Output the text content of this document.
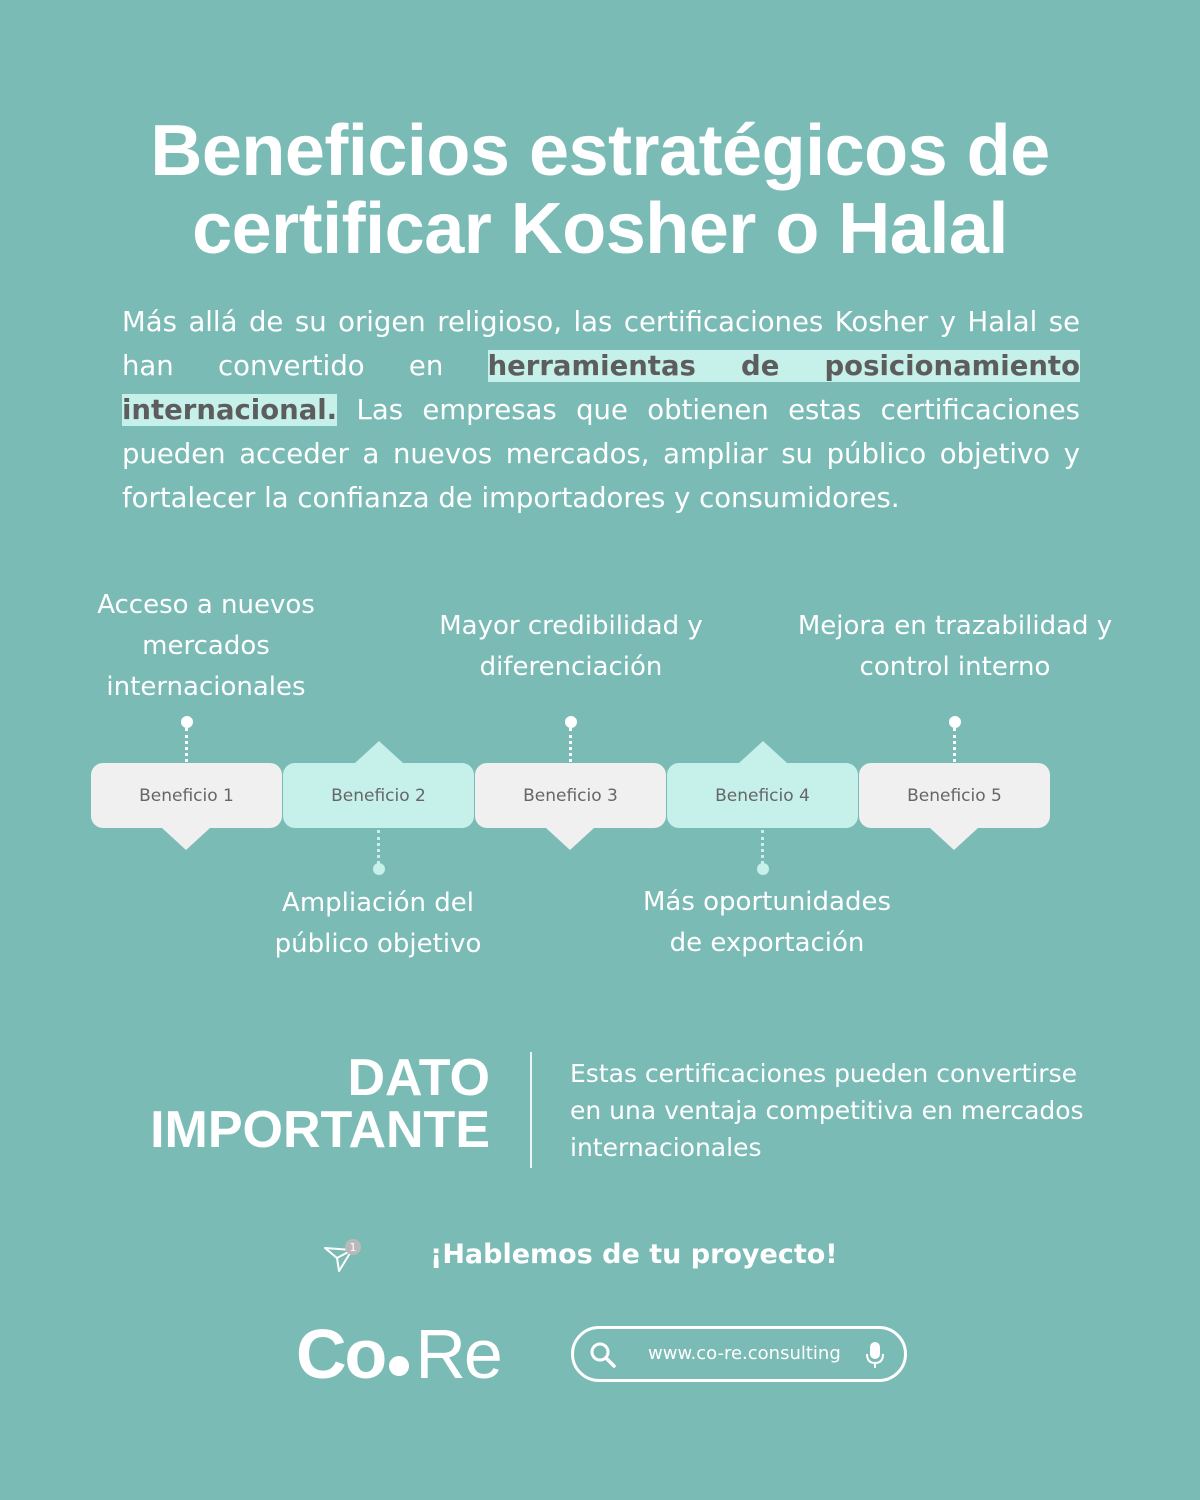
Beneficios estratégicos de
certificar Kosher o Halal

Más allá de su origen religioso, las certificaciones Kosher y Halal se han convertido en herramientas de posicionamiento internacional. Las empresas que obtienen estas certificaciones pueden acceder a nuevos mercados, ampliar su público objetivo y fortalecer la confianza de importadores y consumidores.

Acceso a nuevos mercados internacionales
Ampliación del público objetivo
Mayor credibilidad y diferenciación
Más oportunidades de exportación
Mejora en trazabilidad y control interno
Beneficio 1	Beneficio 2	Beneficio 3	Beneficio 4	Beneficio 5
DATO
IMPORTANTE
Estas certificaciones pueden convertirse en una ventaja competitiva en mercados internacionales
1	¡Hablemos de tu proyecto!
Co Re	www.co-re.consulting
